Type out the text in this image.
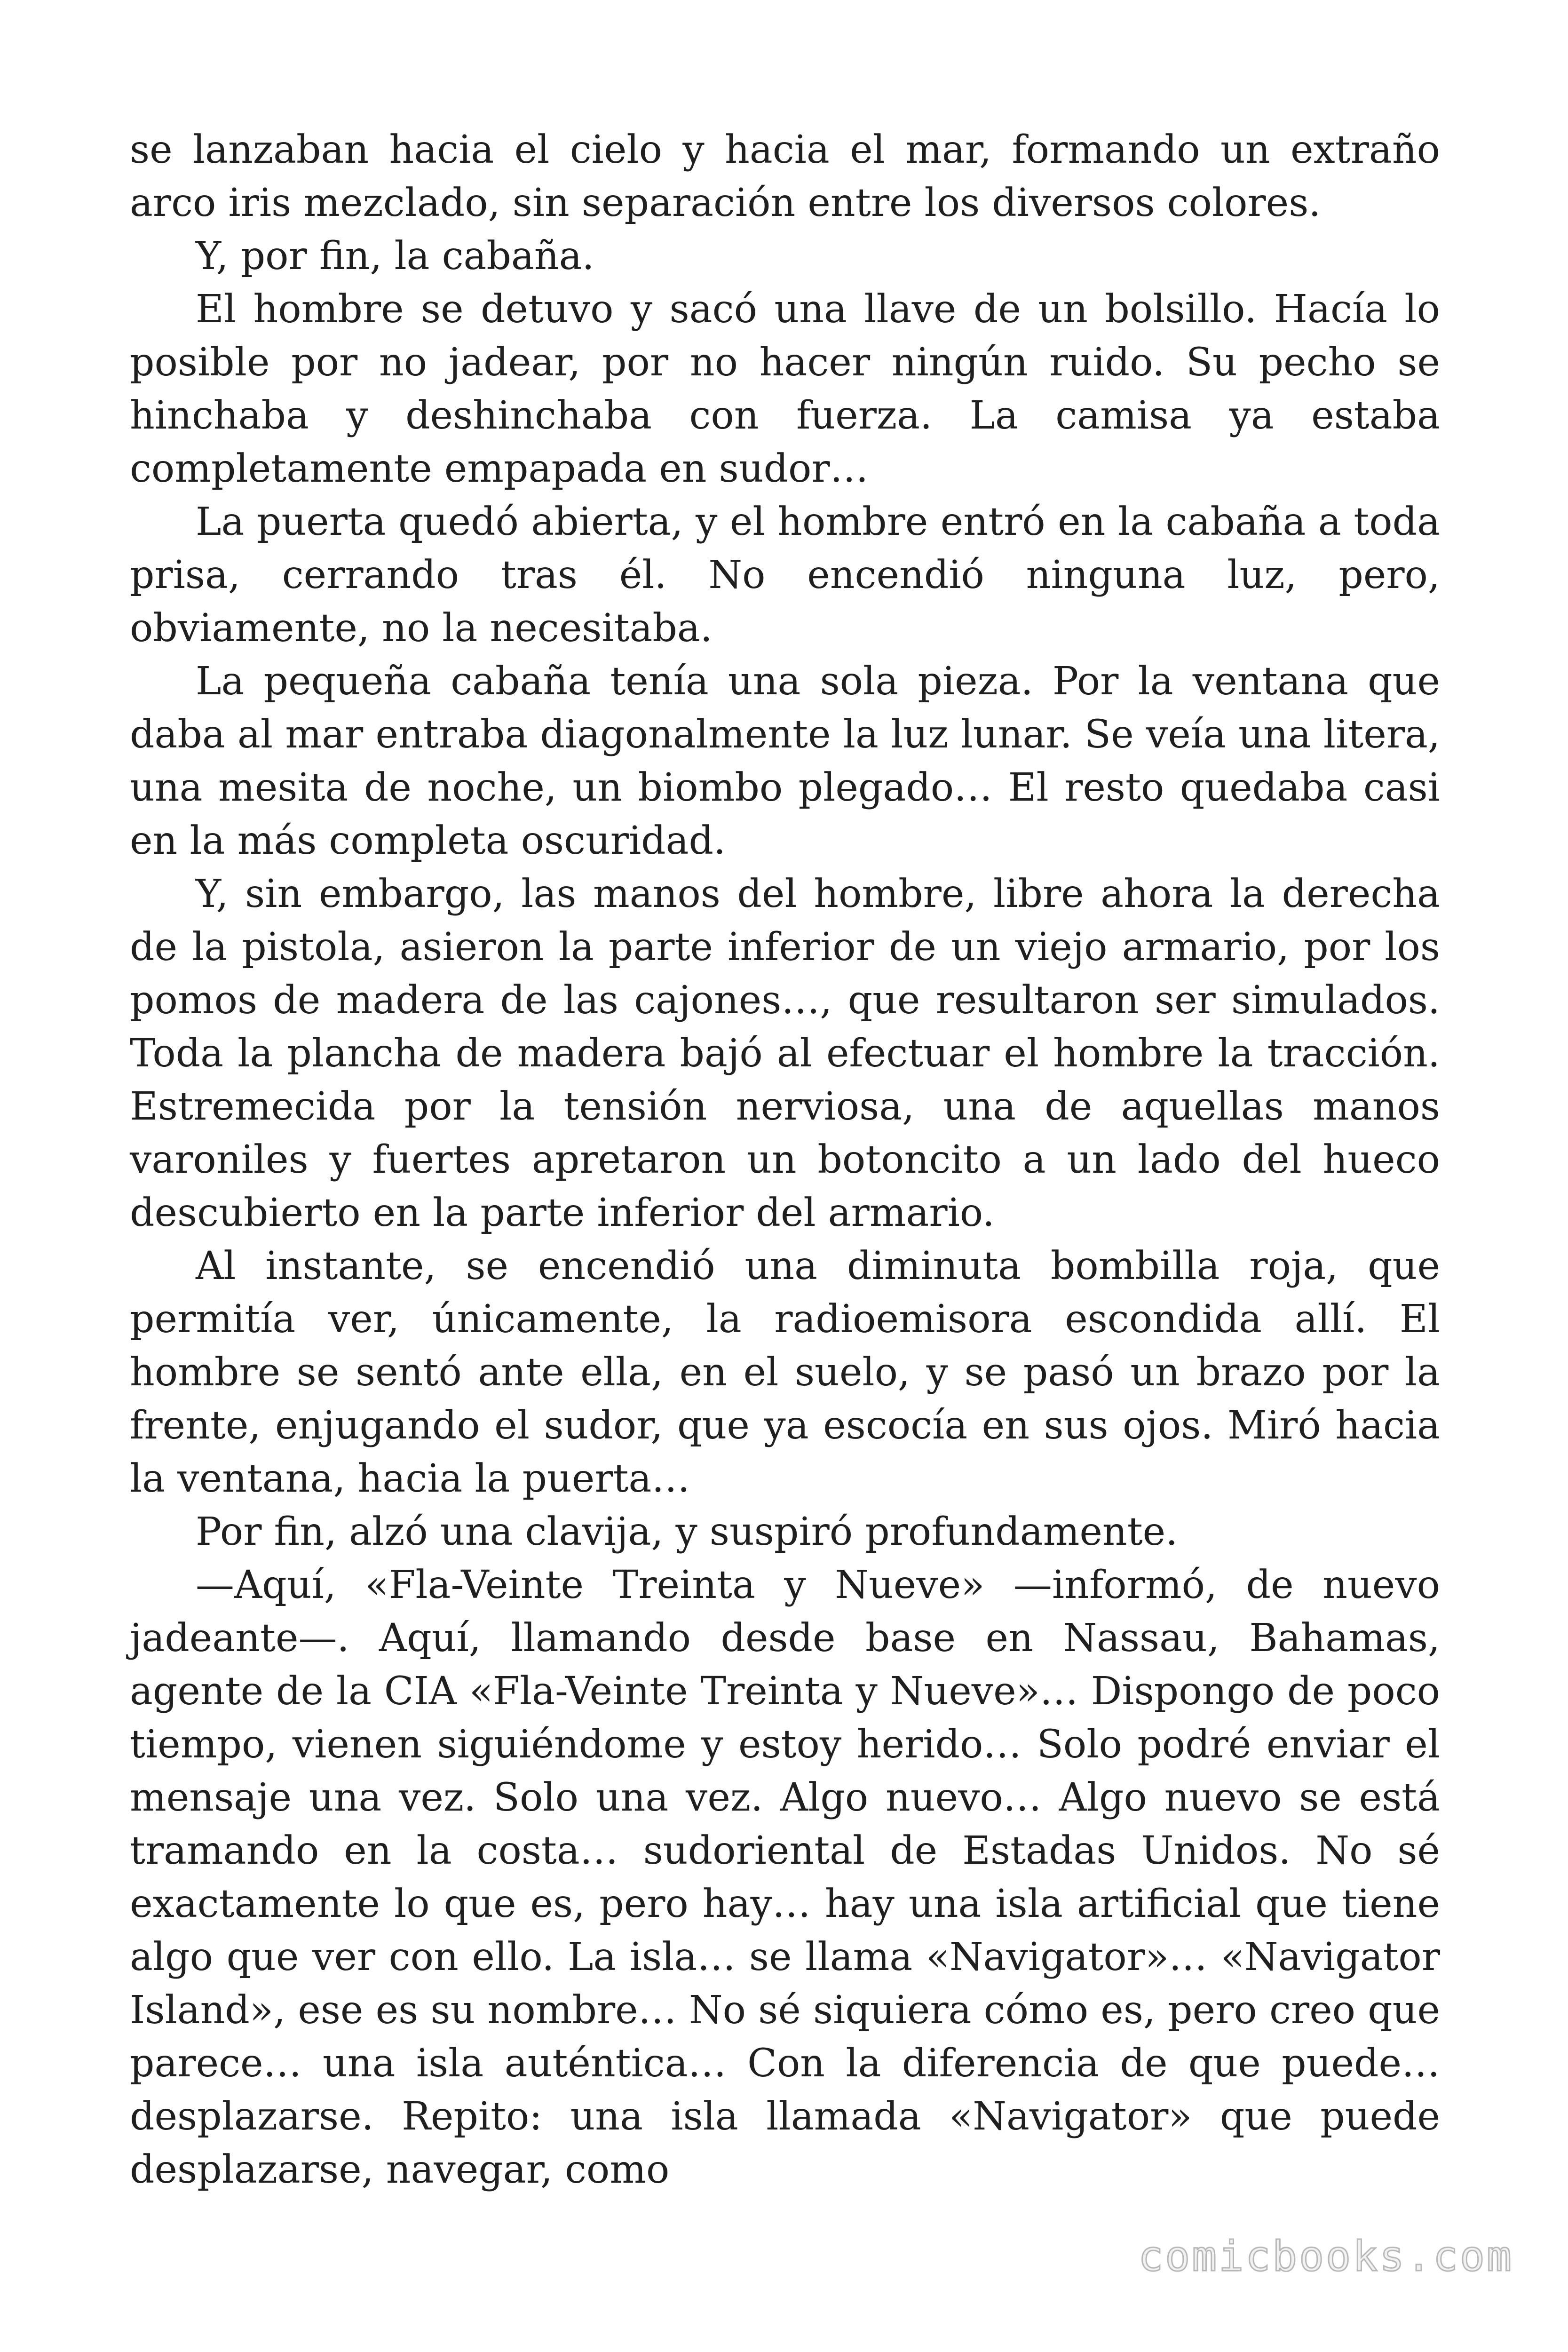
se lanzaban hacia el cielo y hacia el mar, formando un extraño arco iris mezclado, sin separación entre los diversos colores.

Y, por fin, la cabaña.

El hombre se detuvo y sacó una llave de un bolsillo. Hacía lo posible por no jadear, por no hacer ningún ruido. Su pecho se hinchaba y deshinchaba con fuerza. La camisa ya estaba completamente empapada en sudor…

La puerta quedó abierta, y el hombre entró en la cabaña a toda prisa, cerrando tras él. No encendió ninguna luz, pero, obviamente, no la necesitaba.

La pequeña cabaña tenía una sola pieza. Por la ventana que daba al mar entraba diagonalmente la luz lunar. Se veía una litera, una mesita de noche, un biombo plegado… El resto quedaba casi en la más completa oscuridad.

Y, sin embargo, las manos del hombre, libre ahora la derecha de la pistola, asieron la parte inferior de un viejo armario, por los pomos de madera de las cajones…, que resultaron ser simulados. Toda la plancha de madera bajó al efectuar el hombre la tracción. Estremecida por la tensión nerviosa, una de aquellas manos varoniles y fuertes apretaron un botoncito a un lado del hueco descubierto en la parte inferior del armario.

Al instante, se encendió una diminuta bombilla roja, que permitía ver, únicamente, la radioemisora escondida allí. El hombre se sentó ante ella, en el suelo, y se pasó un brazo por la frente, enjugando el sudor, que ya escocía en sus ojos. Miró hacia la ventana, hacia la puerta…

Por fin, alzó una clavija, y suspiró profundamente.

—Aquí, «Fla-Veinte Treinta y Nueve» —informó, de nuevo jadeante—. Aquí, llamando desde base en Nassau, Bahamas, agente de la CIA «Fla-Veinte Treinta y Nueve»… Dispongo de poco tiempo, vienen siguiéndome y estoy herido… Solo podré enviar el mensaje una vez. Solo una vez. Algo nuevo… Algo nuevo se está tramando en la costa… sudoriental de Estadas Unidos. No sé exactamente lo que es, pero hay… hay una isla artificial que tiene algo que ver con ello. La isla… se llama «Navigator»… «Navigator Island», ese es su nombre… No sé siquiera cómo es, pero creo que parece… una isla auténtica… Con la diferencia de que puede… desplazarse. Repito: una isla llamada «Navigator» que puede desplazarse, navegar, como

comicbooks.com
